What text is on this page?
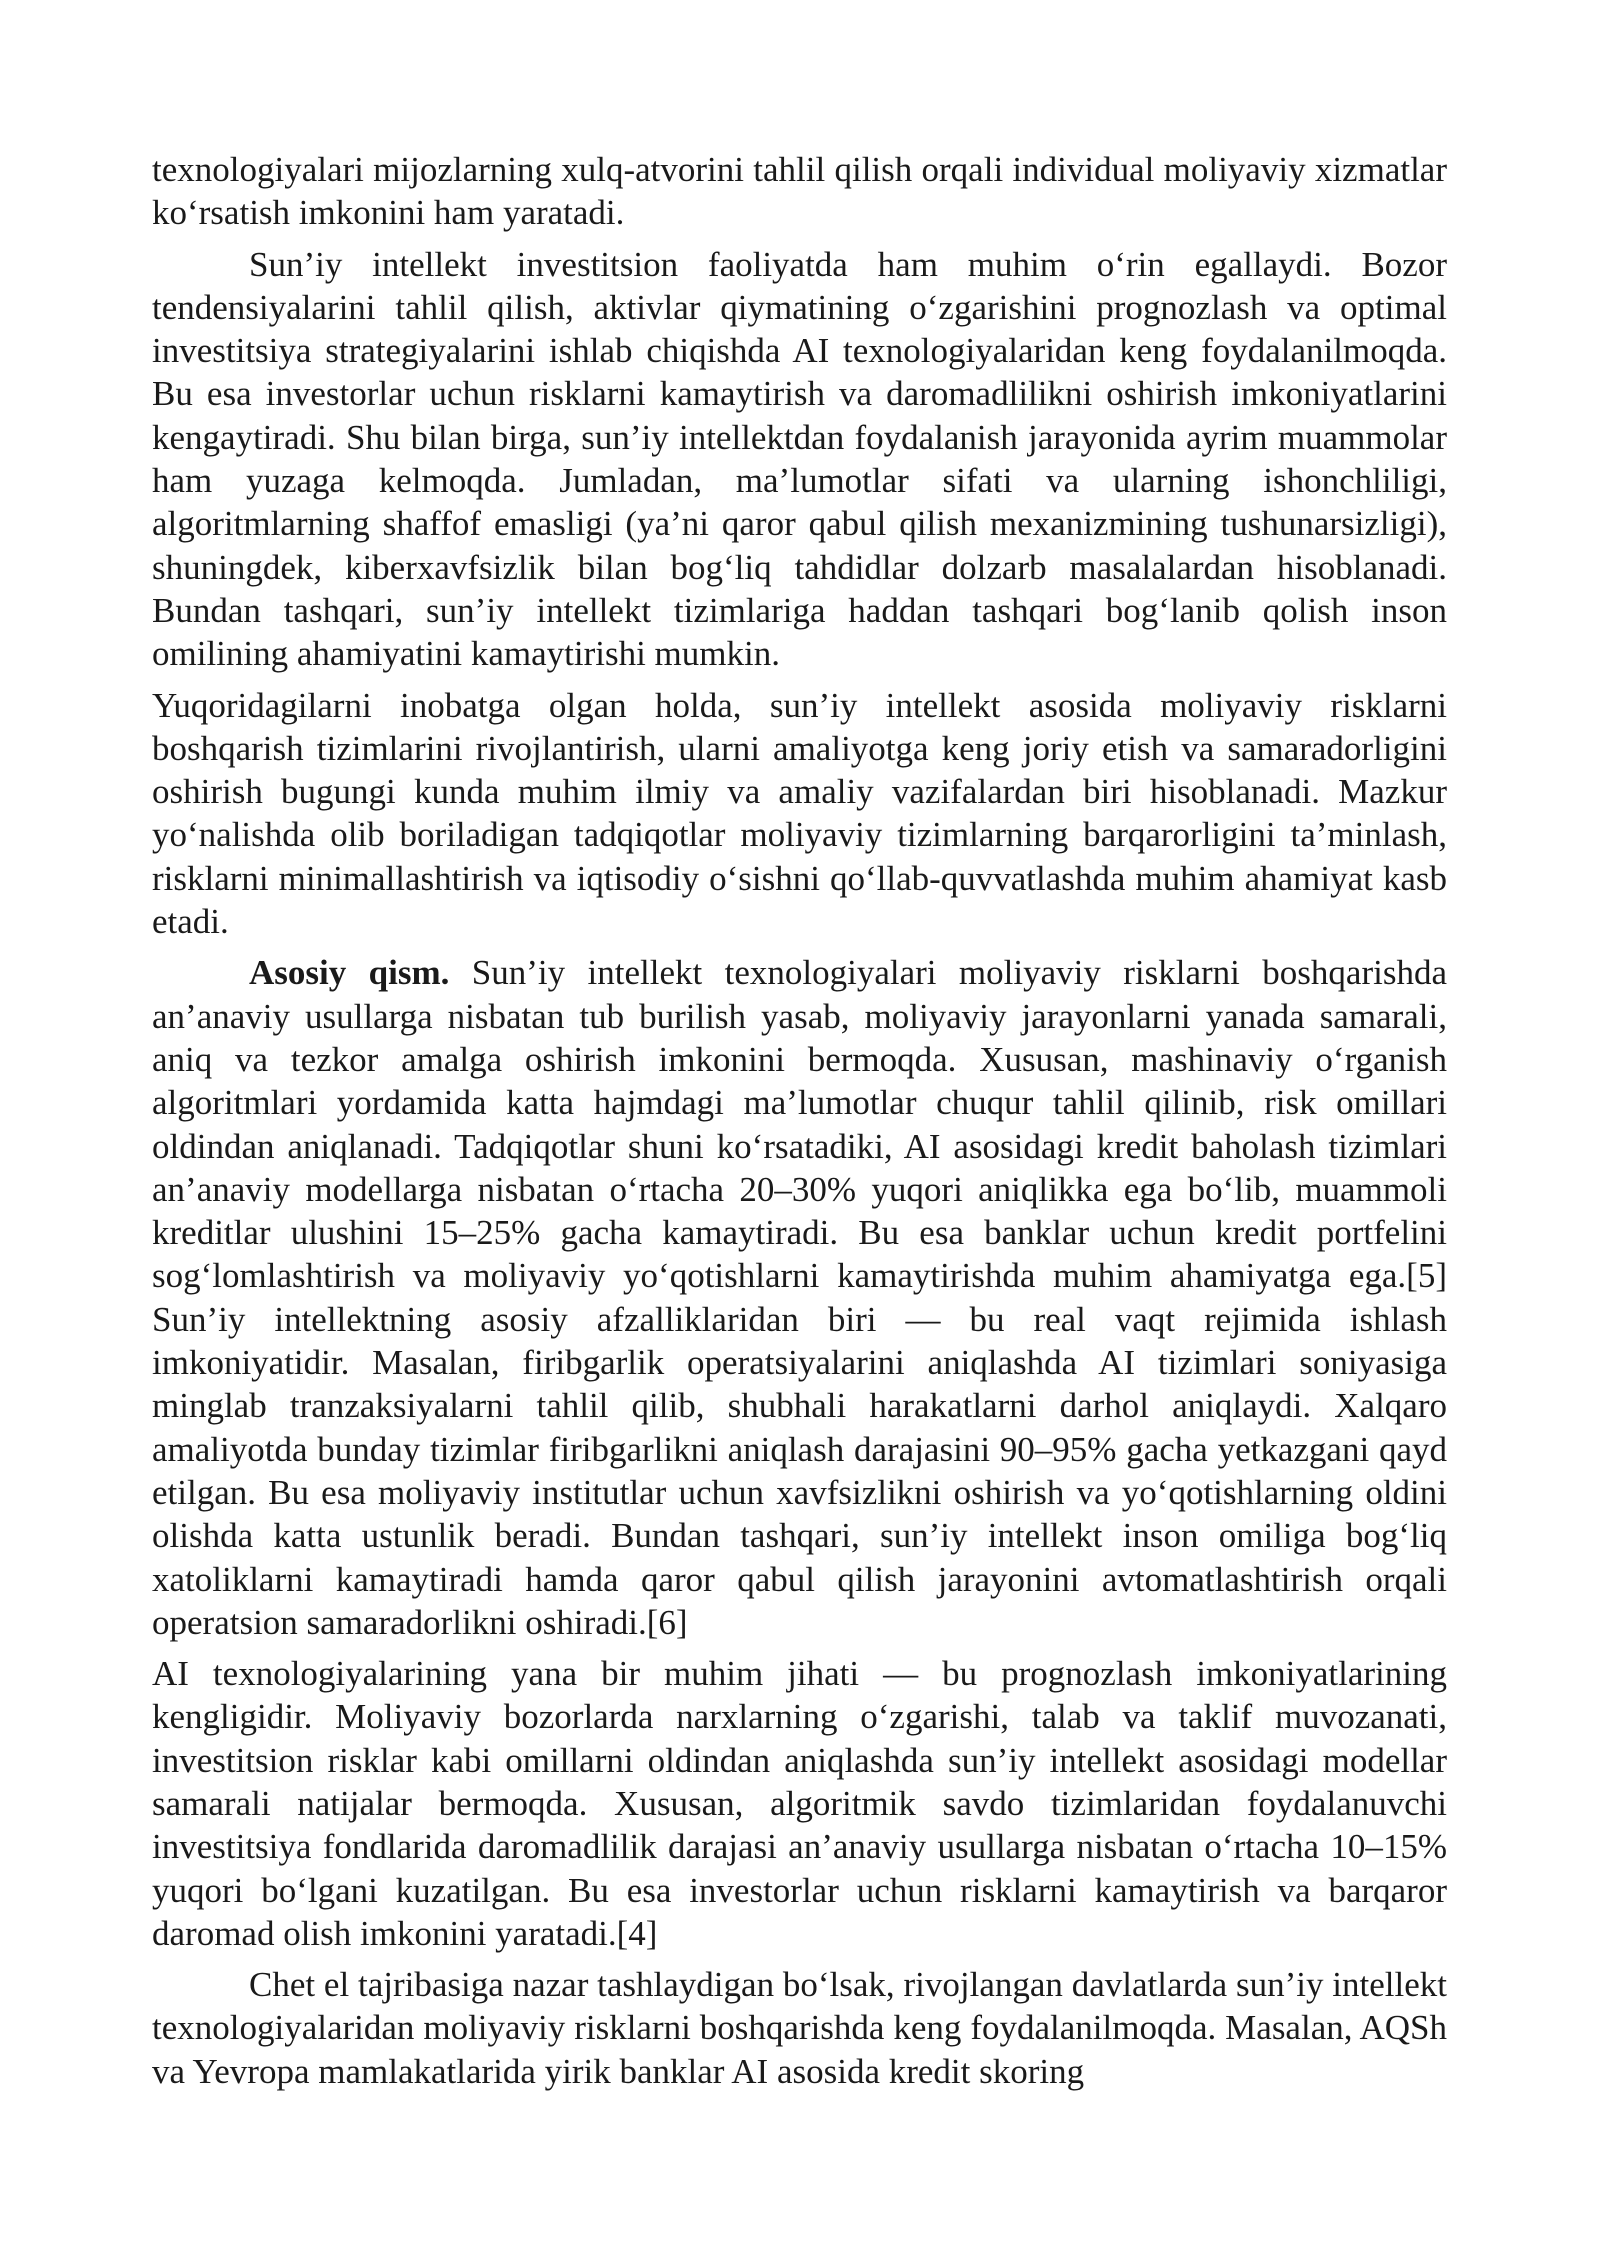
texnologiyalari mijozlarning xulq-atvorini tahlil qilish orqali individual moliyaviy xizmatlar ko‘rsatish imkonini ham yaratadi.

Sun’iy intellekt investitsion faoliyatda ham muhim o‘rin egallaydi. Bozor tendensiyalarini tahlil qilish, aktivlar qiymatining o‘zgarishini prognozlash va optimal investitsiya strategiyalarini ishlab chiqishda AI texnologiyalaridan keng foydalanilmoqda. Bu esa investorlar uchun risklarni kamaytirish va daromadlilikni oshirish imkoniyatlarini kengaytiradi. Shu bilan birga, sun’iy intellektdan foydalanish jarayonida ayrim muammolar ham yuzaga kelmoqda. Jumladan, ma’lumotlar sifati va ularning ishonchliligi, algoritmlarning shaffof emasligi (ya’ni qaror qabul qilish mexanizmining tushunarsizligi), shuningdek, kiberxavfsizlik bilan bog‘liq tahdidlar dolzarb masalalardan hisoblanadi. Bundan tashqari, sun’iy intellekt tizimlariga haddan tashqari bog‘lanib qolish inson omilining ahamiyatini kamaytirishi mumkin.

Yuqoridagilarni inobatga olgan holda, sun’iy intellekt asosida moliyaviy risklarni boshqarish tizimlarini rivojlantirish, ularni amaliyotga keng joriy etish va samaradorligini oshirish bugungi kunda muhim ilmiy va amaliy vazifalardan biri hisoblanadi. Mazkur yo‘nalishda olib boriladigan tadqiqotlar moliyaviy tizimlarning barqarorligini ta’minlash, risklarni minimallashtirish va iqtisodiy o‘sishni qo‘llab-quvvatlashda muhim ahamiyat kasb etadi.

Asosiy qism. Sun’iy intellekt texnologiyalari moliyaviy risklarni boshqarishda an’anaviy usullarga nisbatan tub burilish yasab, moliyaviy jarayonlarni yanada samarali, aniq va tezkor amalga oshirish imkonini bermoqda. Xususan, mashinaviy o‘rganish algoritmlari yordamida katta hajmdagi ma’lumotlar chuqur tahlil qilinib, risk omillari oldindan aniqlanadi. Tadqiqotlar shuni ko‘rsatadiki, AI asosidagi kredit baholash tizimlari an’anaviy modellarga nisbatan o‘rtacha 20–30% yuqori aniqlikka ega bo‘lib, muammoli kreditlar ulushini 15–25% gacha kamaytiradi. Bu esa banklar uchun kredit portfelini sog‘lomlashtirish va moliyaviy yo‘qotishlarni kamaytirishda muhim ahamiyatga ega.[5] Sun’iy intellektning asosiy afzalliklaridan biri — bu real vaqt rejimida ishlash imkoniyatidir. Masalan, firibgarlik operatsiyalarini aniqlashda AI tizimlari soniyasiga minglab tranzaksiyalarni tahlil qilib, shubhali harakatlarni darhol aniqlaydi. Xalqaro amaliyotda bunday tizimlar firibgarlikni aniqlash darajasini 90–95% gacha yetkazgani qayd etilgan. Bu esa moliyaviy institutlar uchun xavfsizlikni oshirish va yo‘qotishlarning oldini olishda katta ustunlik beradi. Bundan tashqari, sun’iy intellekt inson omiliga bog‘liq xatoliklarni kamaytiradi hamda qaror qabul qilish jarayonini avtomatlashtirish orqali operatsion samaradorlikni oshiradi.[6]

AI texnologiyalarining yana bir muhim jihati — bu prognozlash imkoniyatlarining kengligidir. Moliyaviy bozorlarda narxlarning o‘zgarishi, talab va taklif muvozanati, investitsion risklar kabi omillarni oldindan aniqlashda sun’iy intellekt asosidagi modellar samarali natijalar bermoqda. Xususan, algoritmik savdo tizimlaridan foydalanuvchi investitsiya fondlarida daromadlilik darajasi an’anaviy usullarga nisbatan o‘rtacha 10–15% yuqori bo‘lgani kuzatilgan. Bu esa investorlar uchun risklarni kamaytirish va barqaror daromad olish imkonini yaratadi.[4]

Chet el tajribasiga nazar tashlaydigan bo‘lsak, rivojlangan davlatlarda sun’iy intellekt texnologiyalaridan moliyaviy risklarni boshqarishda keng foydalanilmoqda. Masalan, AQSh va Yevropa mamlakatlarida yirik banklar AI asosida kredit skoring
